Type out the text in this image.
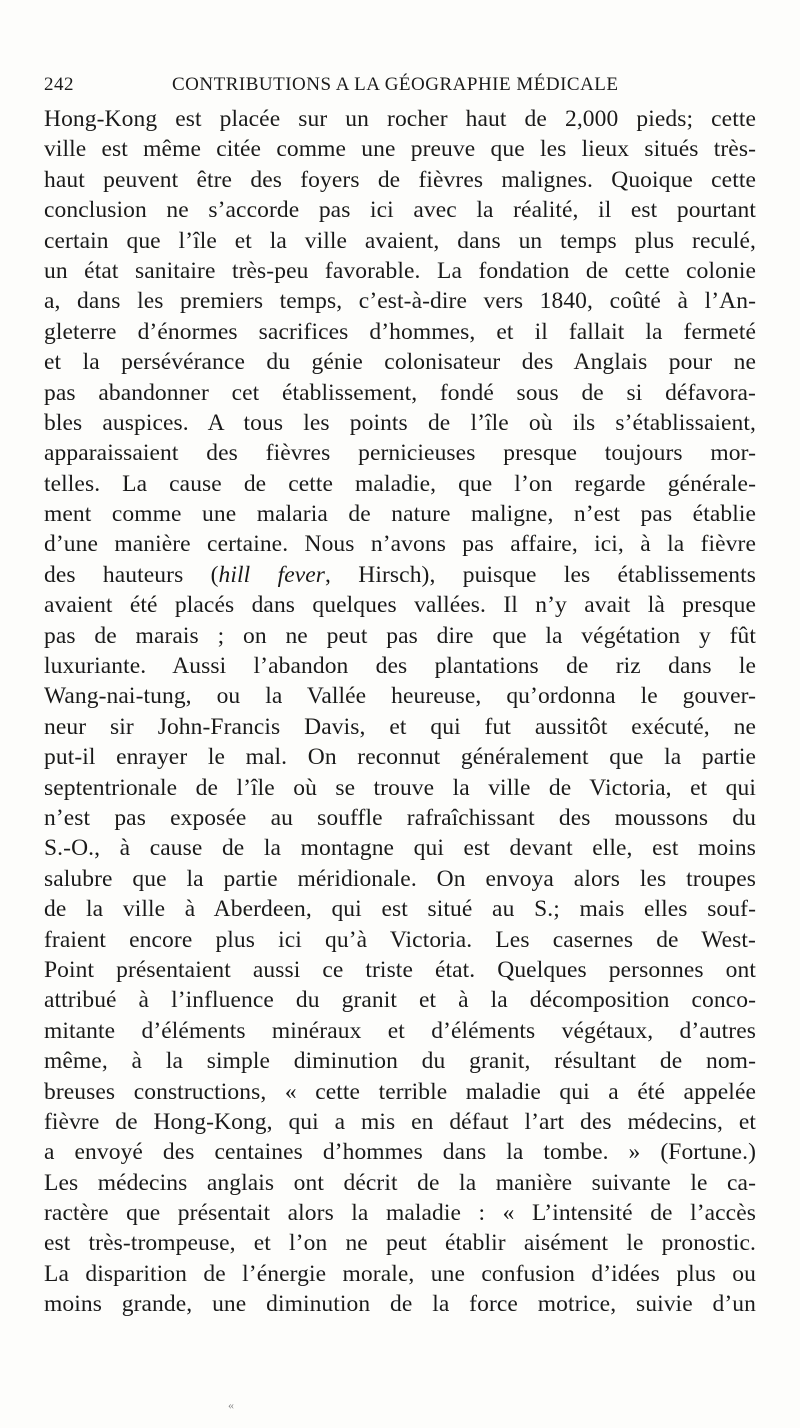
242	CONTRIBUTIONS A LA GÉOGRAPHIE MÉDICALE
Hong-Kong est placée sur un rocher haut de 2,000 pieds; cette
ville est même citée comme une preuve que les lieux situés très-
haut peuvent être des foyers de fièvres malignes. Quoique cette
conclusion ne s’accorde pas ici avec la réalité, il est pourtant
certain que l’île et la ville avaient, dans un temps plus reculé,
un état sanitaire très-peu favorable. La fondation de cette colonie
a, dans les premiers temps, c’est-à-dire vers 1840, coûté à l’An-
gleterre d’énormes sacrifices d’hommes, et il fallait la fermeté
et la persévérance du génie colonisateur des Anglais pour ne
pas abandonner cet établissement, fondé sous de si défavora-
bles auspices. A tous les points de l’île où ils s’établissaient,
apparaissaient des fièvres pernicieuses presque toujours mor-
telles. La cause de cette maladie, que l’on regarde générale-
ment comme une malaria de nature maligne, n’est pas établie
d’une manière certaine. Nous n’avons pas affaire, ici, à la fièvre
des hauteurs (hill fever, Hirsch), puisque les établissements
avaient été placés dans quelques vallées. Il n’y avait là presque
pas de marais ; on ne peut pas dire que la végétation y fût
luxuriante. Aussi l’abandon des plantations de riz dans le
Wang-nai-tung, ou la Vallée heureuse, qu’ordonna le gouver-
neur sir John-Francis Davis, et qui fut aussitôt exécuté, ne
put-il enrayer le mal. On reconnut généralement que la partie
septentrionale de l’île où se trouve la ville de Victoria, et qui
n’est pas exposée au souffle rafraîchissant des moussons du
S.-O., à cause de la montagne qui est devant elle, est moins
salubre que la partie méridionale. On envoya alors les troupes
de la ville à Aberdeen, qui est situé au S.; mais elles souf-
fraient encore plus ici qu’à Victoria. Les casernes de West-
Point présentaient aussi ce triste état. Quelques personnes ont
attribué à l’influence du granit et à la décomposition conco-
mitante d’éléments minéraux et d’éléments végétaux, d’autres
même, à la simple diminution du granit, résultant de nom-
breuses constructions, « cette terrible maladie qui a été appelée
fièvre de Hong-Kong, qui a mis en défaut l’art des médecins, et
a envoyé des centaines d’hommes dans la tombe. » (Fortune.)
Les médecins anglais ont décrit de la manière suivante le ca-
ractère que présentait alors la maladie : « L’intensité de l’accès
est très-trompeuse, et l’on ne peut établir aisément le pronostic.
La disparition de l’énergie morale, une confusion d’idées plus ou
moins grande, une diminution de la force motrice, suivie d’un
«
